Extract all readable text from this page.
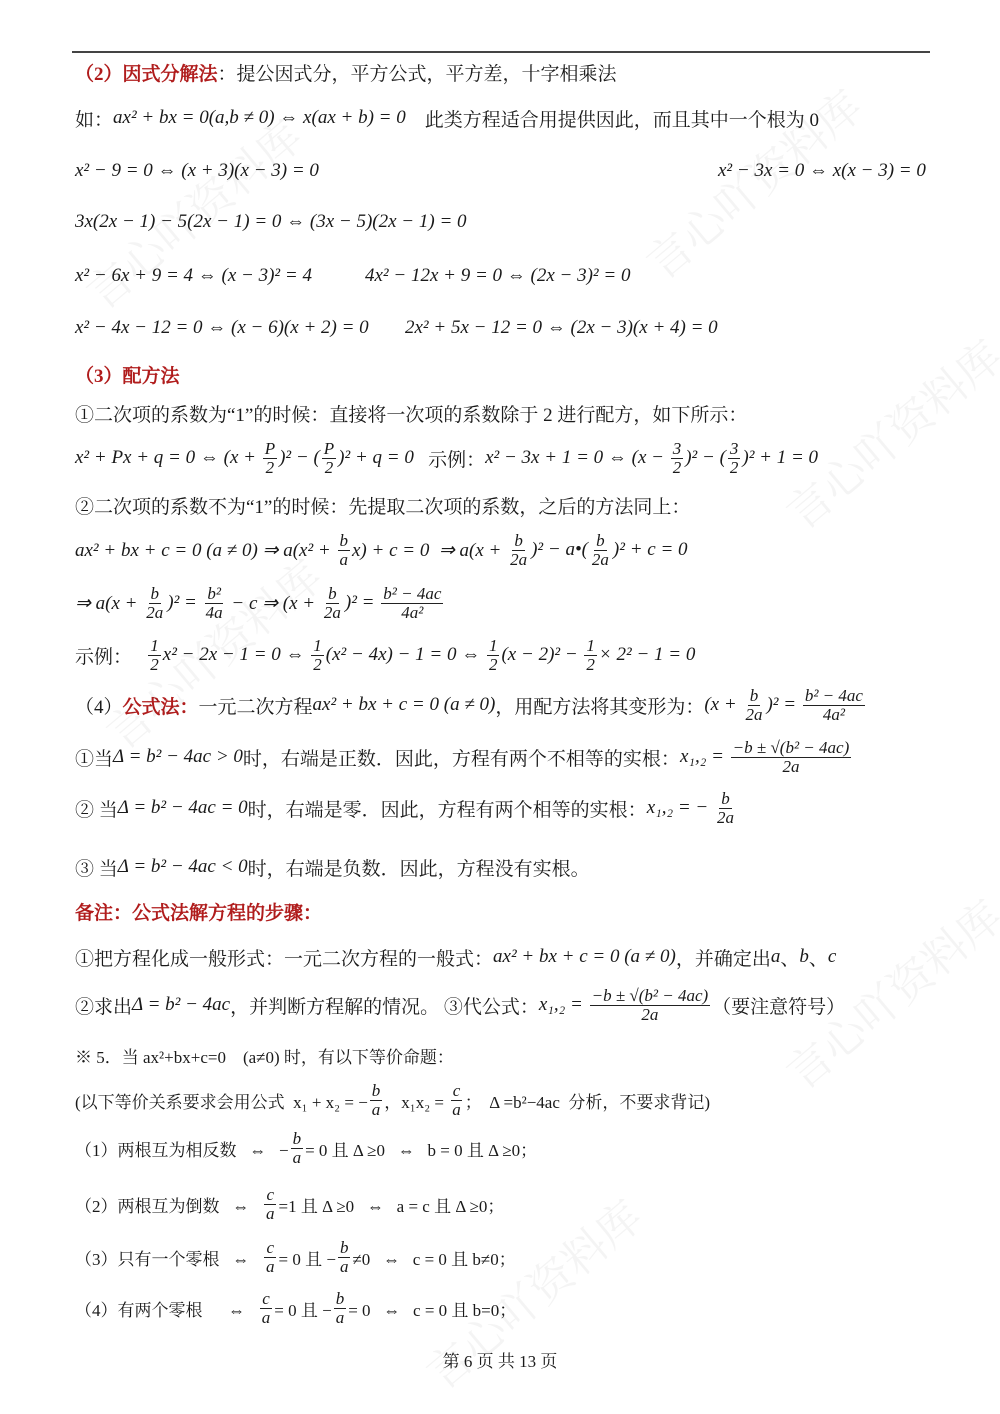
（2）因式分解法 ：提公因式分，平方公式，平方差，十字相乘法
如： ax² + bx = 0(a,b ≠ 0) ⇔ x(ax + b) = 0 此类方程适合用提供因此，而且其中一个根为 0
x² − 9 = 0 ⇔ (x + 3)(x − 3) = 0	x² − 3x = 0 ⇔ x(x − 3) = 0
3x(2x − 1) − 5(2x − 1) = 0 ⇔ (3x − 5)(2x − 1) = 0
x² − 6x + 9 = 4 ⇔ (x − 3)² = 4	4x² − 12x + 9 = 0 ⇔ (2x − 3)² = 0
x² − 4x − 12 = 0 ⇔ (x − 6)(x + 2) = 0 2x² + 5x − 12 = 0 ⇔ (2x − 3)(x + 4) = 0
（3）配方法
①二次项的系数为“1”的时候：直接将一次项的系数除于 2 进行配方，如下所示：
x² + Px + q = 0 ⇔ $(x + \frac{P}{2} )^2$ − ( $\frac{P}{2} )^2 + q = 0$ 示例： x² − 3x + 1 = 0 ⇔ $(x - \frac{3}{2} )^2$ − ( $\frac{3}{2} )^2 + 1 = 0$
②二次项的系数不为“1”的时候：先提取二次项的系数，之后的方法同上：
ax² + bx + c = 0 (a ≠ 0) ⇒ $a(x^2 + \frac{b}{a} x) + c = 0$  ⇒ $a(x + \frac{b}{2a} )^2$ − a•( $\frac{b}{2a} )^2 + c = 0$
⇒ $a(x + \frac{b}{2a} )^2 = \frac{\text{b²}}{4a} - c$ ⇒ $(x + \frac{b}{2a} )^2 = \frac{\text{b² − 4ac}}{\text{4a²}}$
示例： $\frac{1}{2} x^2 - 2x - 1 = 0$ ⇔ $\frac{1}{2} (x^2 - 4x) - 1 = 0$ ⇔ $\frac{1}{2} (x - 2)^2 - \frac{1}{2} \times 2^2 - 1 = 0$
（4） 公式法： 一元二次方程 ax² + bx + c = 0 (a ≠ 0) ，用配方法将其变形为： $(x + \frac{b}{2a} )^2 = \frac{\text{b² − 4ac}}{\text{4a²}}$
①当 Δ = b² − 4ac > 0 时，右端是正数．因此，方程有两个不相等的实根： $x_1,_2 = \frac{\text{−b ± √(b² − 4ac)}}{2a}$
② 当 Δ = b² − 4ac = 0 时，右端是零．因此，方程有两个相等的实根： x₁,₂ = − $\frac{b}{2a}$
③ 当 Δ = b² − 4ac < 0 时，右端是负数．因此，方程没有实根。
备注：公式法解方程的步骤：
①把方程化成一般形式：一元二次方程的一般式： ax² + bx + c = 0 (a ≠ 0) ，并确定出 a 、 b 、 c
②求出 Δ = b² − 4ac ，并判断方程解的情况。 ③代公式： $x_1,_2 = \frac{\text{−b ± √(b² − 4ac)}}{2a}$ （要注意符号）
※ 5．当 ax²+bx+c=0　(a≠0) 时，有以下等价命题：
(以下等价关系要求会用公式  x₁ + x₂ = − $\frac{b}{a}$ ，$x_1x_2 = \frac{c}{a}$ ；  Δ =b²−4ac  分析，不要求背记)
（1）两根互为相反数   ⇔   − $\frac{b}{a} = 0$ 且 Δ ≥0   ⇔   b = 0 且 Δ ≥0；
（2）两根互为倒数   ⇔ $\frac{c}{a} =1$ 且 Δ ≥0   ⇔   a = c 且 Δ ≥0；
（3）只有一个零根   ⇔ $\frac{c}{a} = 0$ 且 − $\frac{b}{a} \ne 0$   ⇔   c = 0 且 b≠0；
（4）有两个零根      ⇔ $\frac{c}{a} = 0$ 且 − $\frac{b}{a} = 0$   ⇔   c = 0 且 b=0；
第 6 页 共 13 页
